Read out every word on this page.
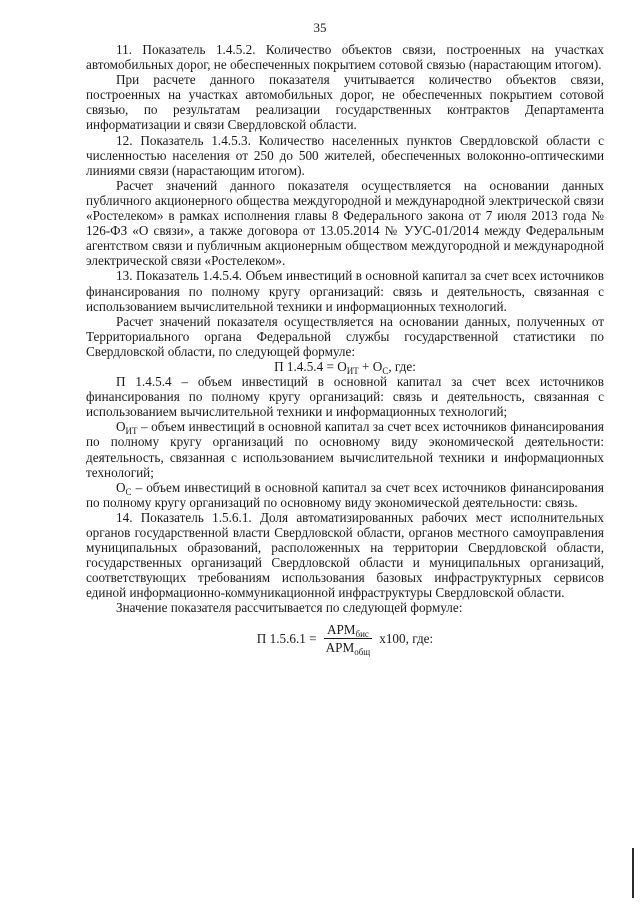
35

11. Показатель 1.4.5.2. Количество объектов связи, построенных на участках автомобильных дорог, не обеспеченных покрытием сотовой связью (нарастающим итогом).

При расчете данного показателя учитывается количество объектов связи, построенных на участках автомобильных дорог, не обеспеченных покрытием сотовой связью, по результатам реализации государственных контрактов Департамента информатизации и связи Свердловской области.

12. Показатель 1.4.5.3. Количество населенных пунктов Свердловской области с численностью населения от 250 до 500 жителей, обеспеченных волоконно-оптическими линиями связи (нарастающим итогом).

Расчет значений данного показателя осуществляется на основании данных публичного акционерного общества междугородной и международной электрической связи «Ростелеком» в рамках исполнения главы 8 Федерального закона от 7 июля 2013 года № 126-ФЗ «О связи», а также договора от 13.05.2014 № УУС-01/2014 между Федеральным агентством связи и публичным акционерным обществом междугородной и международной электрической связи «Ростелеком».

13. Показатель 1.4.5.4. Объем инвестиций в основной капитал за счет всех источников финансирования по полному кругу организаций: связь и деятельность, связанная с использованием вычислительной техники и информационных технологий.

Расчет значений показателя осуществляется на основании данных, полученных от Территориального органа Федеральной службы государственной статистики по Свердловской области, по следующей формуле:

П $1.4.5.4 = О_{ИТ} + О_С$, где:

П 1.4.5.4 – объем инвестиций в основной капитал за счет всех источников финансирования по полному кругу организаций: связь и деятельность, связанная с использованием вычислительной техники и информационных технологий;

$О_{ИТ}$ – объем инвестиций в основной капитал за счет всех источников финансирования по полному кругу организаций по основному виду экономической деятельности: деятельность, связанная с использованием вычислительной техники и информационных технологий;

$О_С$ – объем инвестиций в основной капитал за счет всех источников финансирования по полному кругу организаций по основному виду экономической деятельности: связь.

14. Показатель 1.5.6.1. Доля автоматизированных рабочих мест исполнительных органов государственной власти Свердловской области, органов местного самоуправления муниципальных образований, расположенных на территории Свердловской области, государственных организаций Свердловской области и муниципальных организаций, соответствующих требованиям использования базовых инфраструктурных сервисов единой информационно-коммуникационной инфраструктуры Свердловской области.

Значение показателя рассчитывается по следующей формуле:

П $1.5.6.1 = \frac{АРМ_{бис}}{АРМ_{общ}} х100$, где:
